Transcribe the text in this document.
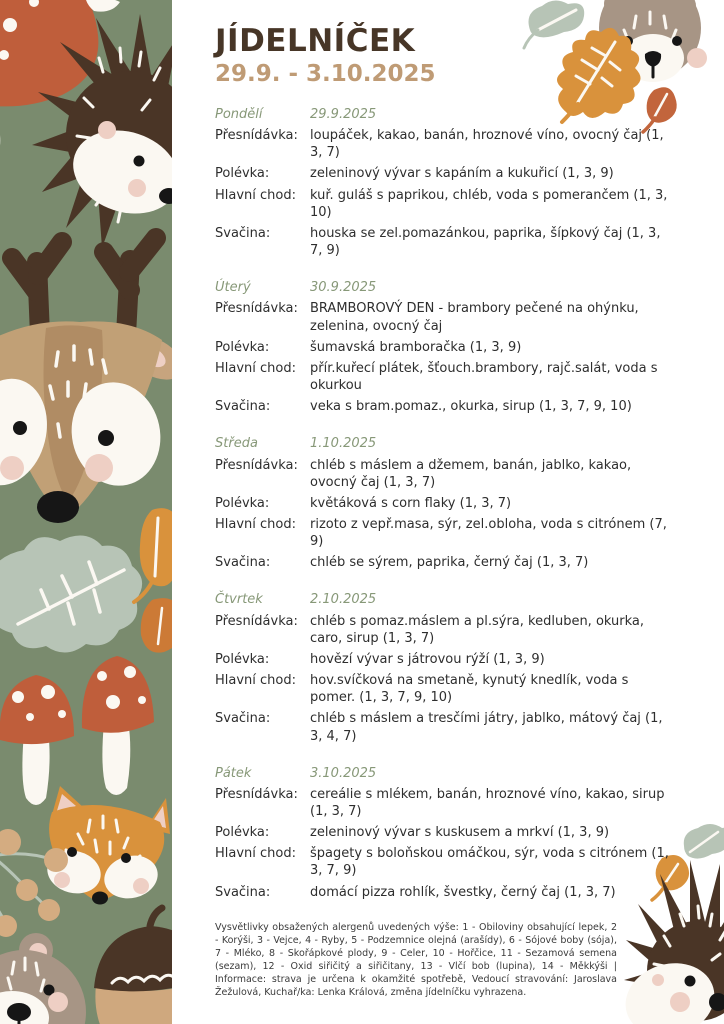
JÍDELNÍČEK
29.9. - 3.10.2025
Pondělí	29.9.2025
Přesnídávka: loupáček, kakao, banán, hroznové víno, ovocný čaj (1, 3, 7)
Polévka:	zeleninový vývar s kapáním a kukuřicí (1, 3, 9)
Hlavní chod:	kuř. guláš s paprikou, chléb, voda s pomerančem (1, 3, 10)
Svačina:	houska se zel.pomazánkou, paprika, šípkový čaj (1, 3, 7, 9)
Úterý	30.9.2025
Přesnídávka: BRAMBOROVÝ DEN - brambory pečené na ohýnku, zelenina, ovocný čaj
Polévka:	šumavská bramboračka (1, 3, 9)
Hlavní chod:	přír.kuřecí plátek, šťouch.brambory, rajč.salát, voda s okurkou
Svačina:	veka s bram.pomaz., okurka, sirup (1, 3, 7, 9, 10)
Středa	1.10.2025
Přesnídávka: chléb s máslem a džemem, banán, jablko, kakao, ovocný čaj (1, 3, 7)
Polévka:	květáková s corn flaky (1, 3, 7)
Hlavní chod:	rizoto z vepř.masa, sýr, zel.obloha, voda s citrónem (7, 9)
Svačina:	chléb se sýrem, paprika, černý čaj (1, 3, 7)
Čtvrtek	2.10.2025
Přesnídávka: chléb s pomaz.máslem a pl.sýra, kedluben, okurka, caro, sirup (1, 3, 7)
Polévka:	hovězí vývar s játrovou rýží (1, 3, 9)
Hlavní chod:	hov.svíčková na smetaně, kynutý knedlík, voda s pomer. (1, 3, 7, 9, 10)
Svačina:	chléb s máslem a tresčími játry, jablko, mátový čaj (1, 3, 4, 7)
Pátek	3.10.2025
Přesnídávka: cereálie s mlékem, banán, hroznové víno, kakao, sirup (1, 3, 7)
Polévka:	zeleninový vývar s kuskusem a mrkví (1, 3, 9)
Hlavní chod:	špagety s boloňskou omáčkou, sýr, voda s citrónem (1, 3, 7, 9)
Svačina:	domácí pizza rohlík, švestky, černý čaj (1, 3, 7)

Vysvětlivky obsažených alergenů uvedených výše: 1 - Obiloviny obsahující lepek, 2 - Korýši, 3 - Vejce, 4 - Ryby, 5 - Podzemnice olejná (arašídy), 6 - Sójové boby (sója), 7 - Mléko, 8 - Skořápkové plody, 9 - Celer, 10 - Hořčice, 11 - Sezamová semena (sezam), 12 - Oxid siřičitý a siřičitany, 13 - Vlčí bob (lupina), 14 - Měkkýši | Informace: strava je určena k okamžité spotřebě, Vedoucí stravování: Jaroslava Žežulová, Kuchař/ka: Lenka Králová, změna jídelníčku vyhrazena.
